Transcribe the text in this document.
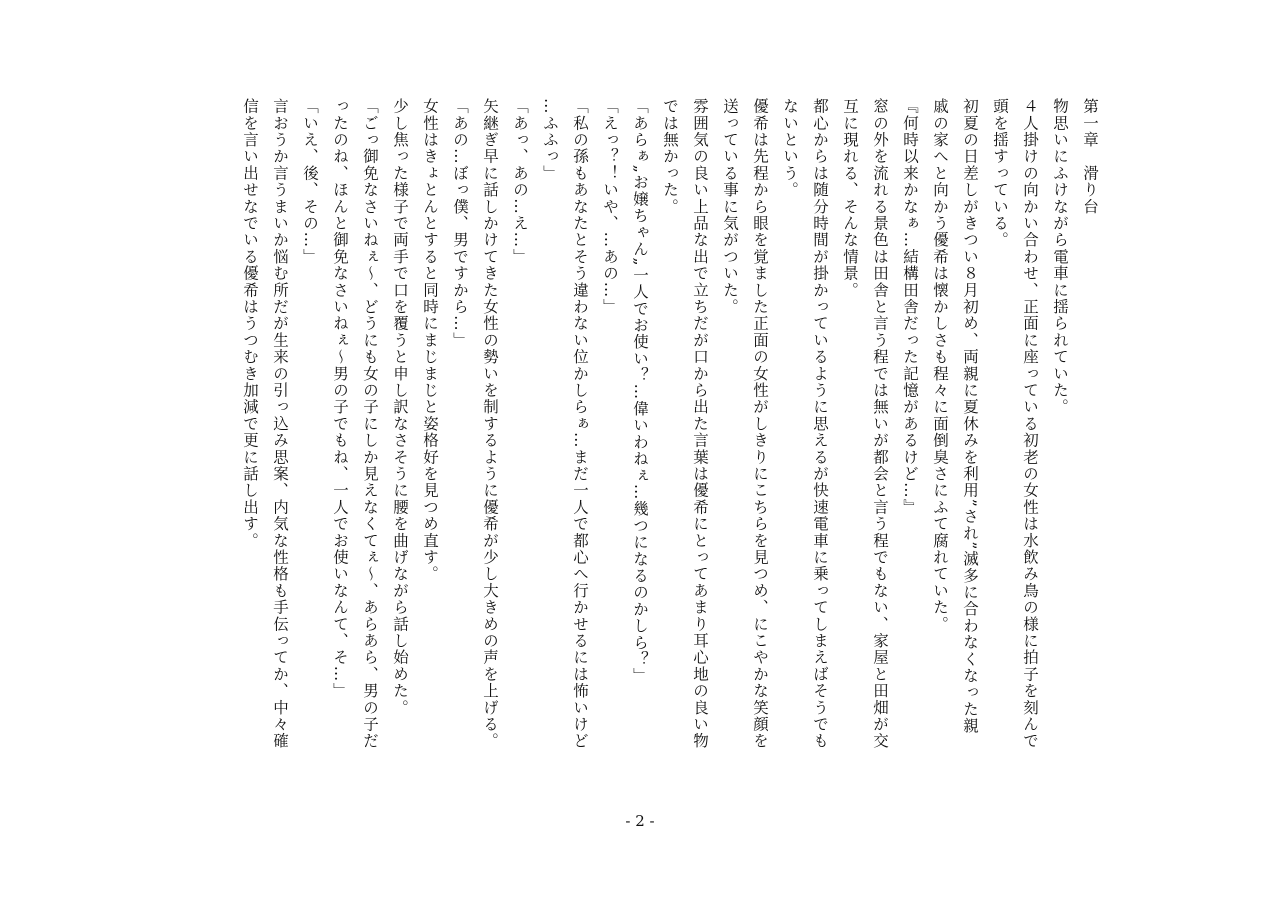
第一章　滑り台
物思いにふけながら電車に揺られていた。
４人掛けの向かい合わせ、正面に座っている初老の女性は水飲み鳥の様に拍子を刻んで
頭を揺すっている。
初夏の日差しがきつい８月初め、両親に夏休みを利用”され”滅多に合わなくなった親
戚の家へと向かう優希は懐かしさも程々に面倒臭さにふて腐れていた。
『何時以来かなぁ…結構田舎だった記憶があるけど…』
窓の外を流れる景色は田舎と言う程では無いが都会と言う程でもない、家屋と田畑が交
互に現れる、そんな情景。
都心からは随分時間が掛かっているように思えるが快速電車に乗ってしまえばそうでも
ないという。
優希は先程から眼を覚ました正面の女性がしきりにこちらを見つめ、にこやかな笑顔を
送っている事に気がついた。
雰囲気の良い上品な出で立ちだが口から出た言葉は優希にとってあまり耳心地の良い物
では無かった。
「あらぁ„お嬢ちゃん„一人でお使い？…偉いわねぇ…幾つになるのかしら？」
「えっ？！いや、…あの…」
「私の孫もあなたとそう違わない位かしらぁ…まだ一人で都心へ行かせるには怖いけど
…ふふっ」
「あっ、あの…え…」
矢継ぎ早に話しかけてきた女性の勢いを制するように優希が少し大きめの声を上げる。
「あの…ぼっ僕、男ですから…」
女性はきょとんとすると同時にまじまじと姿格好を見つめ直す。
少し焦った様子で両手で口を覆うと申し訳なさそうに腰を曲げながら話し始めた。
「ごっ御免なさいねぇ～、どうにも女の子にしか見えなくてぇ～、あらあら、男の子だ
ったのね、ほんと御免なさいねぇ～男の子でもね、一人でお使いなんて、そ…」
「いえ、後、その…」
言おうか言うまいか悩む所だが生来の引っ込み思案、内気な性格も手伝ってか、中々確
信を言い出せなでいる優希はうつむき加減で更に話し出す。
- 2 -
